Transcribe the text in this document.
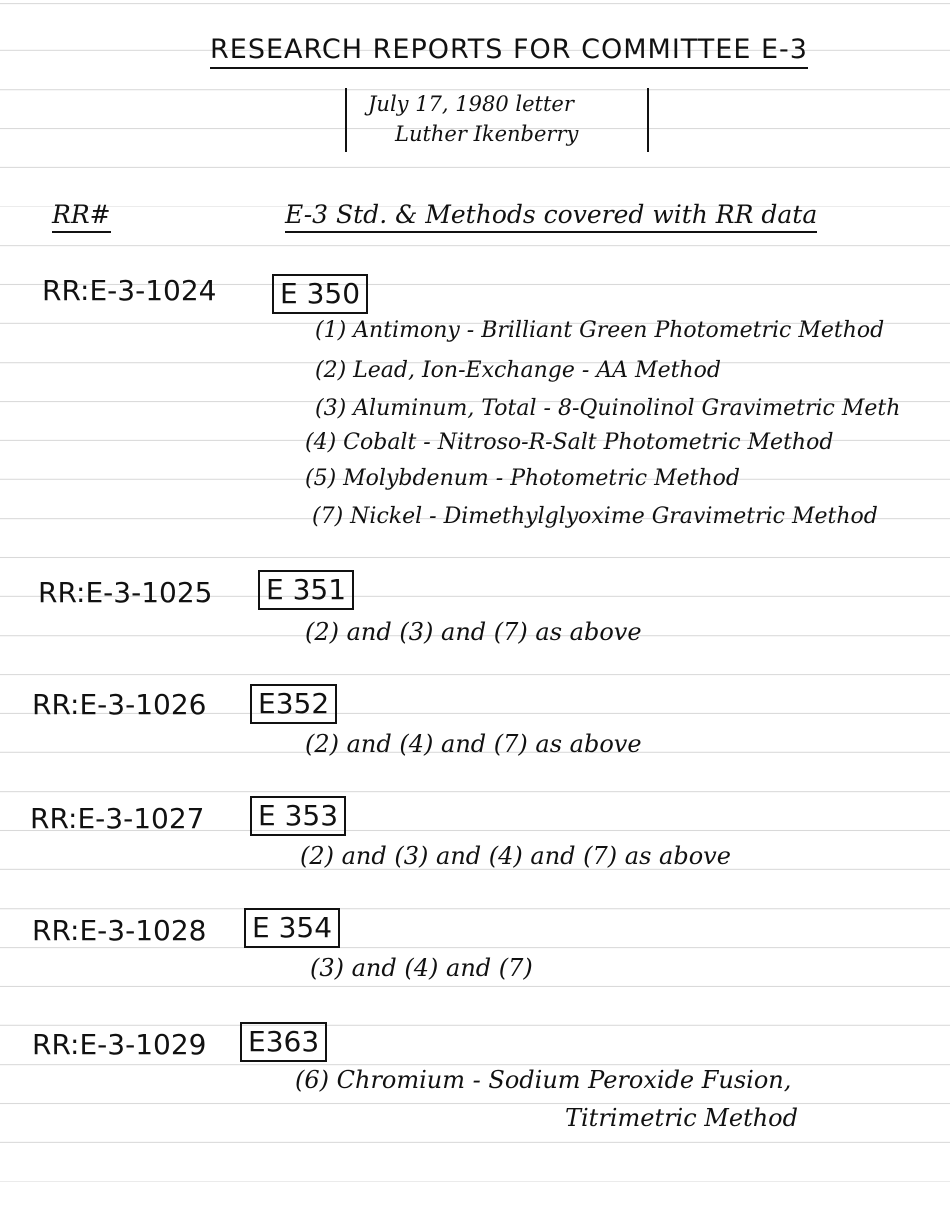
RESEARCH REPORTS FOR COMMITTEE E-3
July 17, 1980 letter
Luther Ikenberry
RR#	E-3 Std. & Methods covered with RR data
RR:E-3-1024 E 350
(1) Antimony - Brilliant Green Photometric Method
(2) Lead, Ion-Exchange - AA Method
(3) Aluminum, Total - 8-Quinolinol Gravimetric Meth
(4) Cobalt - Nitroso-R-Salt Photometric Method
(5) Molybdenum - Photometric Method
(7) Nickel - Dimethylglyoxime Gravimetric Method
RR:E-3-1025 E 351
(2) and (3) and (7) as above
RR:E-3-1026 E352
(2) and (4) and (7) as above
RR:E-3-1027 E 353
(2) and (3) and (4) and (7) as above
RR:E-3-1028 E 354
(3) and (4) and (7)
RR:E-3-1029 E363
(6) Chromium - Sodium Peroxide Fusion,
Titrimetric Method
